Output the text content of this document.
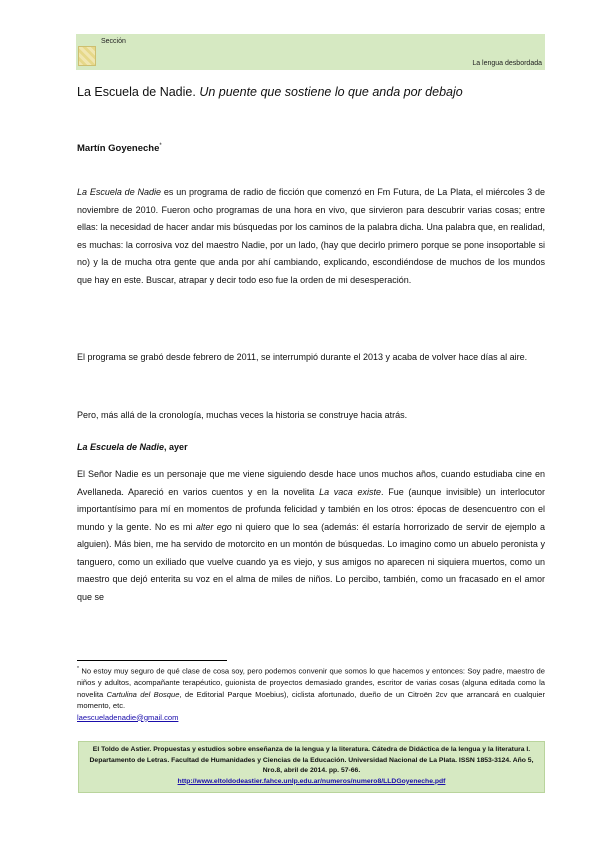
Sección
La lengua desbordada
La Escuela de Nadie. Un puente que sostiene lo que anda por debajo
Martín Goyeneche*

La Escuela de Nadie es un programa de radio de ficción que comenzó en Fm Futura, de La Plata, el miércoles 3 de noviembre de 2010. Fueron ocho programas de una hora en vivo, que sirvieron para descubrir varias cosas; entre ellas: la necesidad de hacer andar mis búsquedas por los caminos de la palabra dicha. Una palabra que, en realidad, es muchas: la corrosiva voz del maestro Nadie, por un lado, (hay que decirlo primero porque se pone insoportable si no) y la de mucha otra gente que anda por ahí cambiando, explicando, escondiéndose de muchos de los mundos que hay en este. Buscar, atrapar y decir todo eso fue la orden de mi desesperación.

El programa se grabó desde febrero de 2011, se interrumpió durante el 2013 y acaba de volver hace días al aire.

Pero, más allá de la cronología, muchas veces la historia se construye hacia atrás.

La Escuela de Nadie, ayer

El Señor Nadie es un personaje que me viene siguiendo desde hace unos muchos años, cuando estudiaba cine en Avellaneda. Apareció en varios cuentos y en la novelita La vaca existe. Fue (aunque invisible) un interlocutor importantísimo para mí en momentos de profunda felicidad y también en los otros: épocas de desencuentro con el mundo y la gente. No es mi alter ego ni quiero que lo sea (además: él estaría horrorizado de servir de ejemplo a alguien). Más bien, me ha servido de motorcito en un montón de búsquedas. Lo imagino como un abuelo peronista y tanguero, como un exiliado que vuelve cuando ya es viejo, y sus amigos no aparecen ni siquiera muertos, como un maestro que dejó enterita su voz en el alma de miles de niños. Lo percibo, también, como un fracasado en el amor que se

* No estoy muy seguro de qué clase de cosa soy, pero podemos convenir que somos lo que hacemos y entonces: Soy padre, maestro de niños y adultos, acompañante terapéutico, guionista de proyectos demasiado grandes, escritor de varias cosas (alguna editada como la novelita Cartulina del Bosque, de Editorial Parque Moebius), ciclista afortunado, dueño de un Citroën 2cv que arrancará en cualquier momento, etc.
laescueladenadie@gmail.com

El Toldo de Astier. Propuestas y estudios sobre enseñanza de la lengua y la literatura. Cátedra de Didáctica de la lengua y la literatura I. Departamento de Letras. Facultad de Humanidades y Ciencias de la Educación. Universidad Nacional de La Plata. ISSN 1853-3124. Año 5, Nro.8, abril de 2014. pp. 57-66.
http://www.eltoldodeastier.fahce.unlp.edu.ar/numeros/numero8/LLDGoyeneche.pdf
